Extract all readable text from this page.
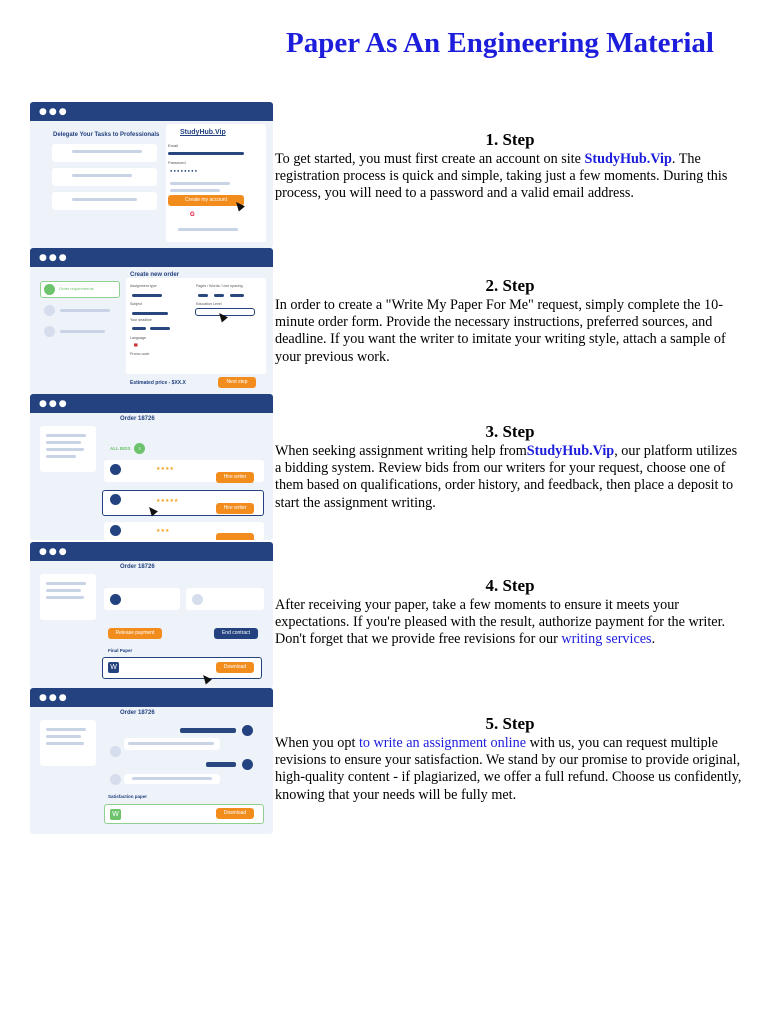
Paper As An Engineering Material
●●●
Delegate Your Tasks to Professionals	StudyHub.Vip
Email
Password
● ● ● ● ● ● ● ●
Create my account
G
1. Step

To get started, you must first create an account on site StudyHub.Vip. The registration process is quick and simple, taking just a few moments. During this process, you will need to a password and a valid email address.

●●●
Create new order
Order requirements	Assignment type	Pages / Words / Line spacing
Subject	Education Level
Your deadline
Language
▀
Promo code
Estimated price - $XX.X	Next step
2. Step

In order to create a "Write My Paper For Me" request, simply complete the 10-minute order form. Provide the necessary instructions, preferred sources, and deadline. If you want the writer to imitate your writing style, attach a sample of your previous work.

●●●
Order 18726
ALL BIDS	3
★★★★
Hire writer
★★★★★
Hire writer
★★★
3. Step

When seeking assignment writing help fromStudyHub.Vip, our platform utilizes a bidding system. Review bids from our writers for your request, choose one of them based on qualifications, order history, and feedback, then place a deposit to start the assignment writing.

●●●
Order 18726
Release payment	End contract
Final Paper
W	Download
4. Step

After receiving your paper, take a few moments to ensure it meets your expectations. If you're pleased with the result, authorize payment for the writer. Don't forget that we provide free revisions for our writing services.

●●●
Order 18726
Satisfaction paper
W	Download
5. Step

When you opt to write an assignment online with us, you can request multiple revisions to ensure your satisfaction. We stand by our promise to provide original, high-quality content - if plagiarized, we offer a full refund. Choose us confidently, knowing that your needs will be fully met.
